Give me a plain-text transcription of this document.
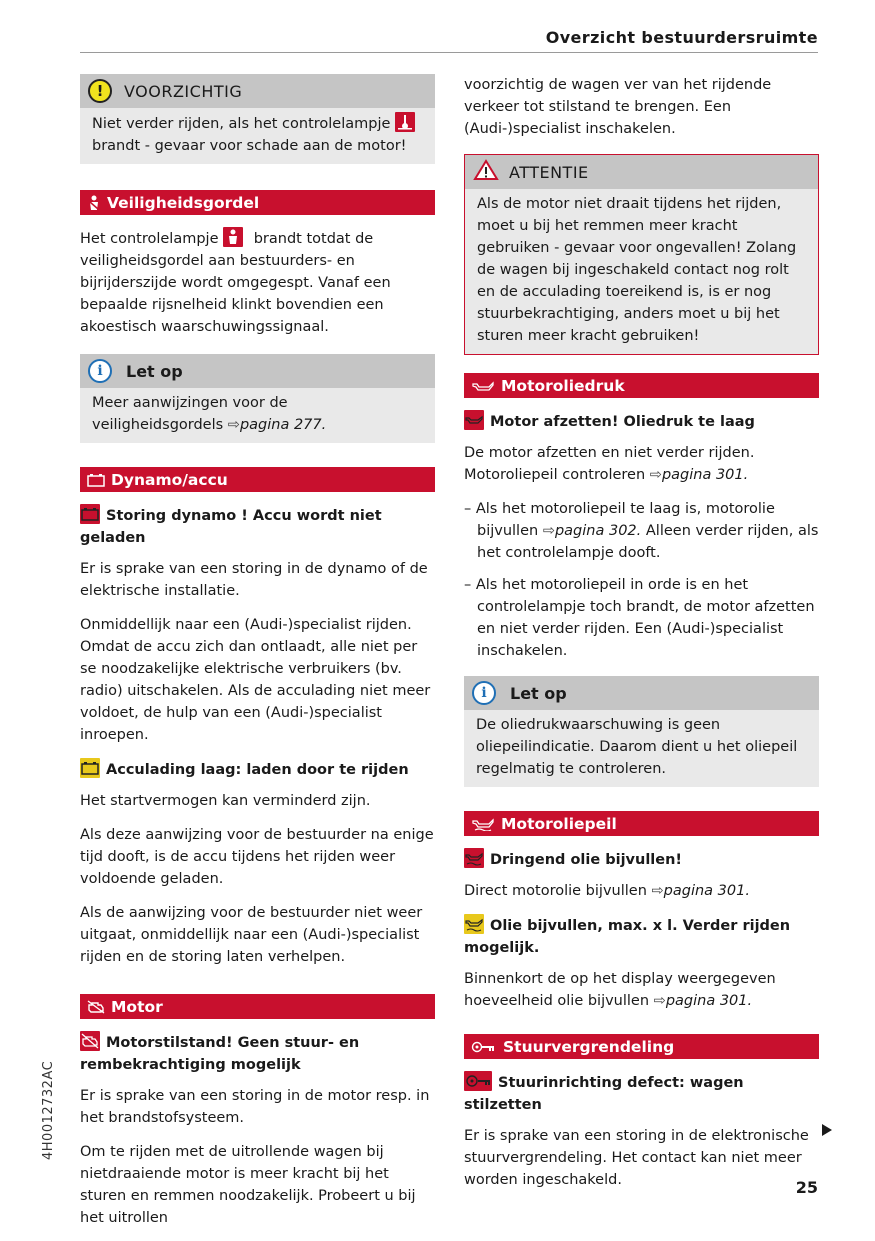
Overzicht bestuurdersruimte
!	VOORZICHTIG
Niet verder rijden, als het controlelampje
brandt - gevaar voor schade aan de motor!
Veiligheidsgordel

Het controlelampje brandt totdat de veiligheidsgordel aan bestuurders- en bijrijderszijde wordt omgegespt. Vanaf een bepaalde rijsnelheid klinkt bovendien een akoestisch waarschuwingssignaal.

i	Let op
Meer aanwijzingen voor de veiligheidsgordels ⇨pagina 277.
Dynamo/accu
Storing dynamo ! Accu wordt niet geladen

Er is sprake van een storing in de dynamo of de elektrische installatie.

Onmiddellijk naar een (Audi-)specialist rijden. Omdat de accu zich dan ontlaadt, alle niet per se noodzakelijke elektrische verbruikers (bv. radio) uitschakelen. Als de acculading niet meer voldoet, de hulp van een (Audi-)specialist inroepen.

Acculading laag: laden door te rijden

Het startvermogen kan verminderd zijn.

Als deze aanwijzing voor de bestuurder na enige tijd dooft, is de accu tijdens het rijden weer voldoende geladen.

Als de aanwijzing voor de bestuurder niet weer uitgaat, onmiddellijk naar een (Audi-)specialist rijden en de storing laten verhelpen.

Motor
Motorstilstand! Geen stuur- en rembekrachtiging mogelijk

Er is sprake van een storing in de motor resp. in het brandstofsysteem.

Om te rijden met de uitrollende wagen bij nietdraaiende motor is meer kracht bij het sturen en remmen noodzakelijk. Probeert u bij het uitrollen

voorzichtig de wagen ver van het rijdende verkeer tot stilstand te brengen. Een (Audi-)specialist inschakelen.

ATTENTIE
Als de motor niet draait tijdens het rijden, moet u bij het remmen meer kracht gebruiken - gevaar voor ongevallen! Zolang de wagen bij ingeschakeld contact nog rolt en de acculading toereikend is, is er nog stuurbekrachtiging, anders moet u bij het sturen meer kracht gebruiken!
Motoroliedruk
Motor afzetten! Oliedruk te laag

De motor afzetten en niet verder rijden. Motoroliepeil controleren ⇨pagina 301.

– Als het motoroliepeil te laag is, motorolie bijvullen ⇨pagina 302. Alleen verder rijden, als het controlelampje dooft.
– Als het motoroliepeil in orde is en het controlelampje toch brandt, de motor afzetten en niet verder rijden. Een (Audi-)specialist inschakelen.
i	Let op
De oliedrukwaarschuwing is geen oliepeilindicatie. Daarom dient u het oliepeil regelmatig te controleren.
Motoroliepeil
Dringend olie bijvullen!

Direct motorolie bijvullen ⇨pagina 301.

Olie bijvullen, max. x l. Verder rijden mogelijk.

Binnenkort de op het display weergegeven hoeveelheid olie bijvullen ⇨pagina 301.

Stuurvergrendeling
Stuurinrichting defect: wagen stilzetten

Er is sprake van een storing in de elektronische stuurvergrendeling. Het contact kan niet meer worden ingeschakeld.

4H0012732AC
25
